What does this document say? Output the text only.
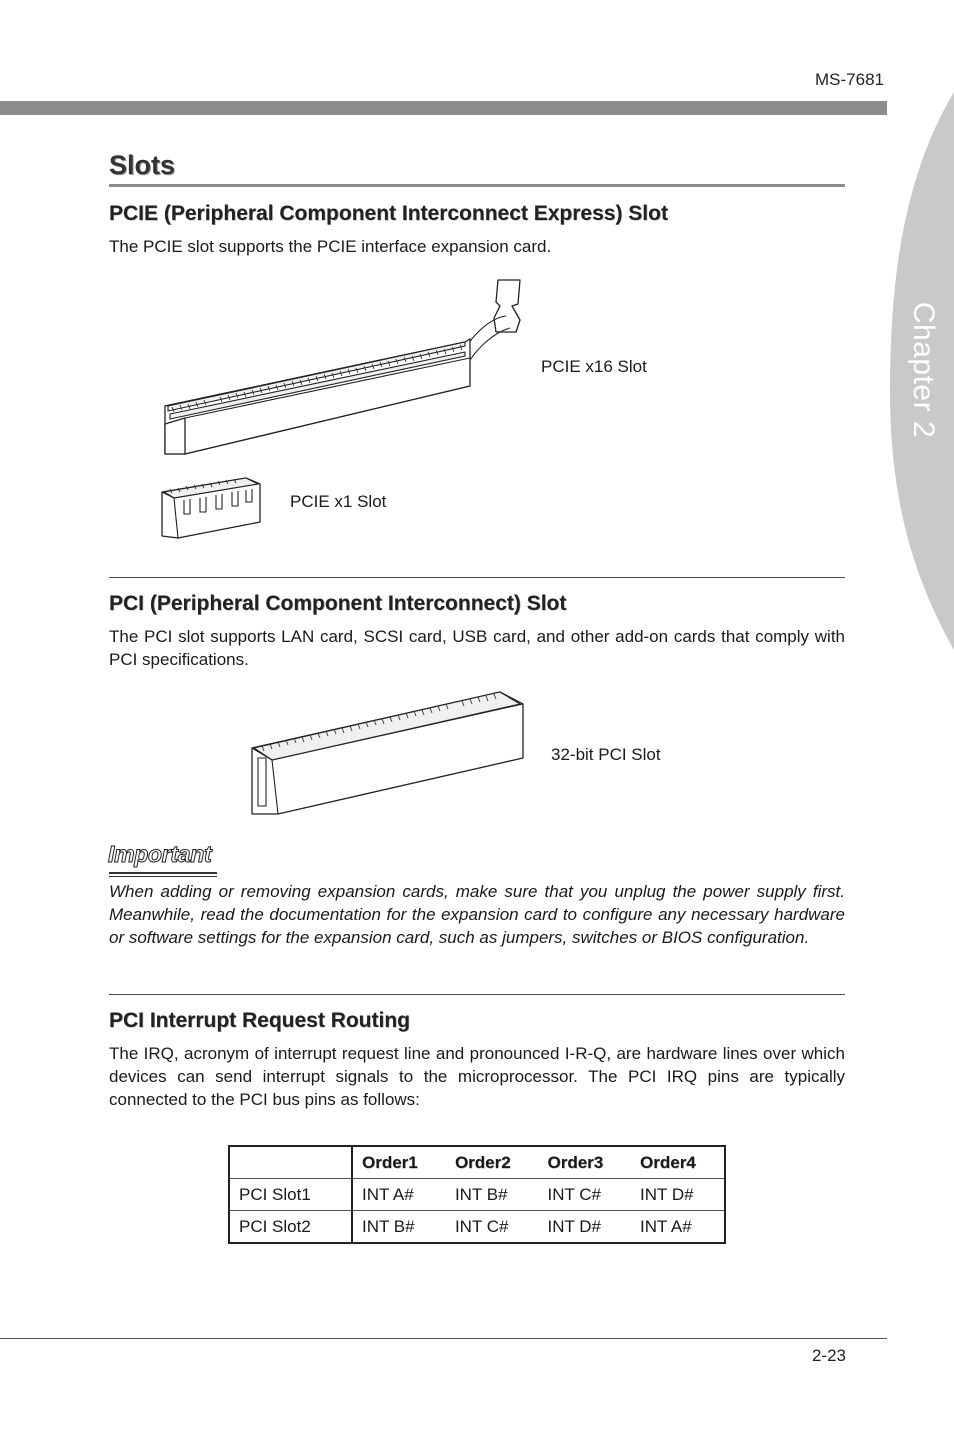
MS-7681
Chapter 2
Slots
PCIE (Peripheral Component Interconnect Express) Slot

The PCIE slot supports the PCIE interface expansion card.

PCIE x16 Slot
PCIE x1 Slot
PCI (Peripheral Component Interconnect) Slot

The PCI slot supports LAN card, SCSI card, USB card, and other add-on cards that comply with PCI specifications.

32-bit PCI Slot
Important

When adding or removing expansion cards, make sure that you unplug the power supply first. Meanwhile, read the documentation for the expansion card to configure any necessary hardware or software settings for the expansion card, such as jumpers, switches or BIOS configuration.

PCI Interrupt Request Routing

The IRQ, acronym of interrupt request line and pronounced I-R-Q, are hardware lines over which devices can send interrupt signals to the microprocessor. The PCI IRQ pins are typically connected to the PCI bus pins as follows:

	Order1	Order2	Order3	Order4
PCI Slot1	INT A#	INT B#	INT C#	INT D#
PCI Slot2	INT B#	INT C#	INT D#	INT A#
2-23
